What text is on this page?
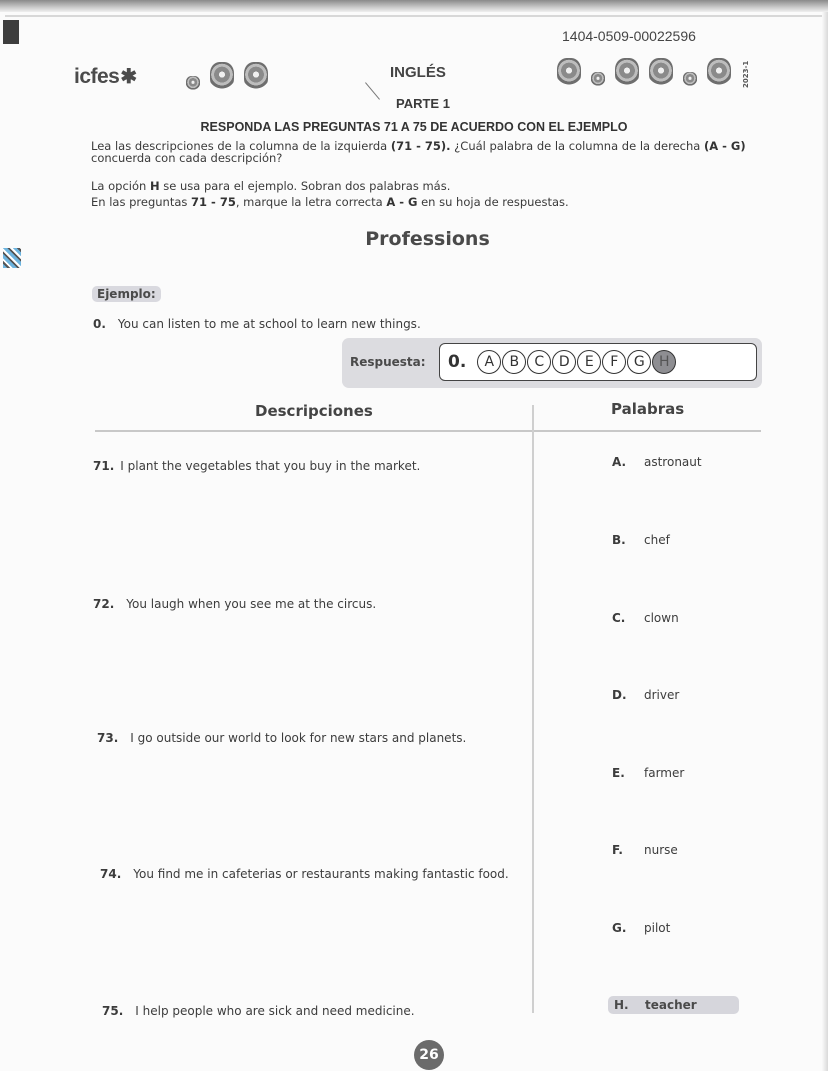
1404-0509-00022596
icfes✱	INGLÉS
PARTE 1
2023-1
RESPONDA LAS PREGUNTAS 71 A 75 DE ACUERDO CON EL EJEMPLO
Lea las descripciones de la columna de la izquierda (71 - 75). ¿Cuál palabra de la columna de la derecha (A - G) concuerda con cada descripción?
La opción H se usa para el ejemplo. Sobran dos palabras más.
En las preguntas 71 - 75, marque la letra correcta A - G en su hoja de respuestas.
Professions
Ejemplo:
0. You can listen to me at school to learn new things.
Respuesta: 0.	A	B	C	D	E	F	G	H
Descripciones	Palabras
71. I plant the vegetables that you buy in the market.
72. You laugh when you see me at the circus.
73. I go outside our world to look for new stars and planets.
74. You find me in cafeterias or restaurants making fantastic food.
75. I help people who are sick and need medicine.
A. astronaut
B. chef
C. clown
D. driver
E. farmer
F. nurse
G. pilot
H. teacher
26
